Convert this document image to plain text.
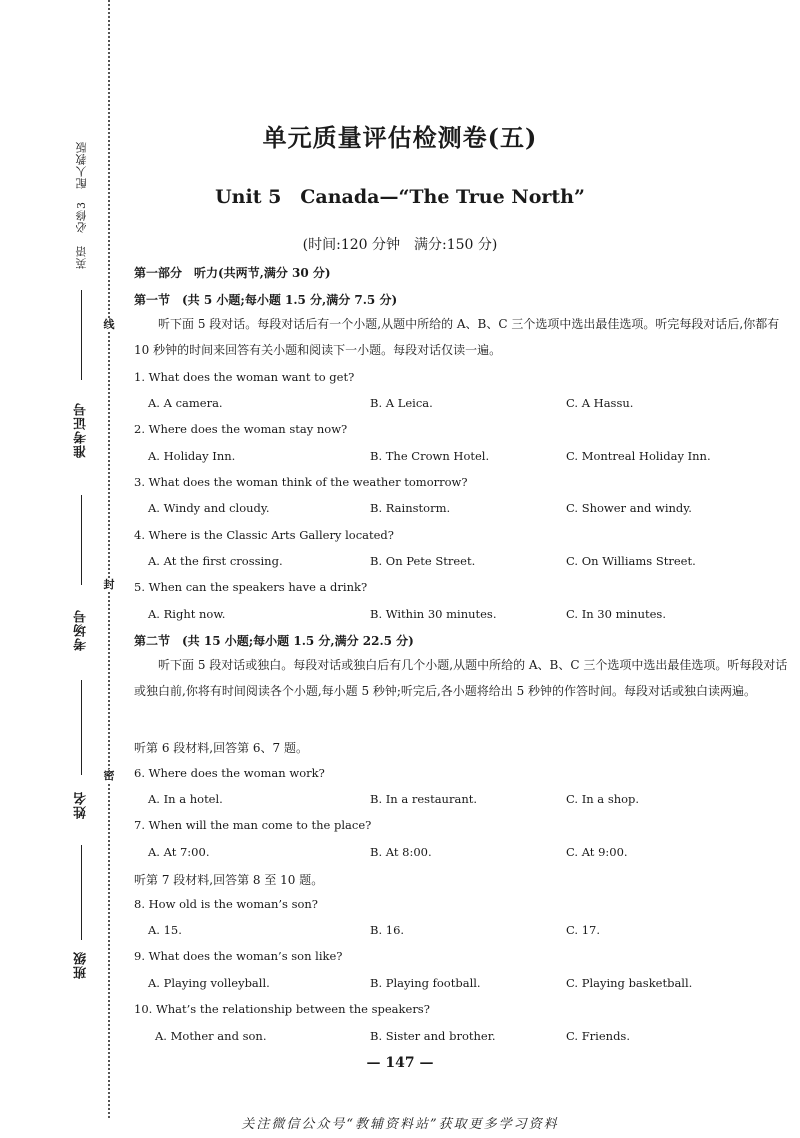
英语　必修3　配人教版
准考证号
考场号
姓名
班级
线
封
密
单元质量评估检测卷(五)
Unit 5　Canada—“The True North”
(时间:120 分钟　满分:150 分)
第一部分　听力(共两节,满分 30 分)
第一节　(共 5 小题;每小题 1.5 分,满分 7.5 分)
听下面 5 段对话。每段对话后有一个小题,从题中所给的 A、B、C 三个选项中选出最佳选项。听完每段对话后,你都有 10 秒钟的时间来回答有关小题和阅读下一小题。每段对话仅读一遍。
1. What does the woman want to get?
A. A camera.	B. A Leica.	C. A Hassu.
2. Where does the woman stay now?
A. Holiday Inn.	B. The Crown Hotel.	C. Montreal Holiday Inn.
3. What does the woman think of the weather tomorrow?
A. Windy and cloudy.	B. Rainstorm.	C. Shower and windy.
4. Where is the Classic Arts Gallery located?
A. At the first crossing.	B. On Pete Street.	C. On Williams Street.
5. When can the speakers have a drink?
A. Right now.	B. Within 30 minutes.	C. In 30 minutes.
第二节　(共 15 小题;每小题 1.5 分,满分 22.5 分)
听下面 5 段对话或独白。每段对话或独白后有几个小题,从题中所给的 A、B、C 三个选项中选出最佳选项。听每段对话或独白前,你将有时间阅读各个小题,每小题 5 秒钟;听完后,各小题将给出 5 秒钟的作答时间。每段对话或独白读两遍。
听第 6 段材料,回答第 6、7 题。
6. Where does the woman work?
A. In a hotel.	B. In a restaurant.	C. In a shop.
7. When will the man come to the place?
A. At 7:00.	B. At 8:00.	C. At 9:00.
听第 7 段材料,回答第 8 至 10 题。
8. How old is the woman’s son?
A. 15.	B. 16.	C. 17.
9. What does the woman’s son like?
A. Playing volleyball.	B. Playing football.	C. Playing basketball.
10. What’s the relationship between the speakers?
A. Mother and son.	B. Sister and brother.	C. Friends.
— 147 —
关注微信公众号“教辅资料站”获取更多学习资料
